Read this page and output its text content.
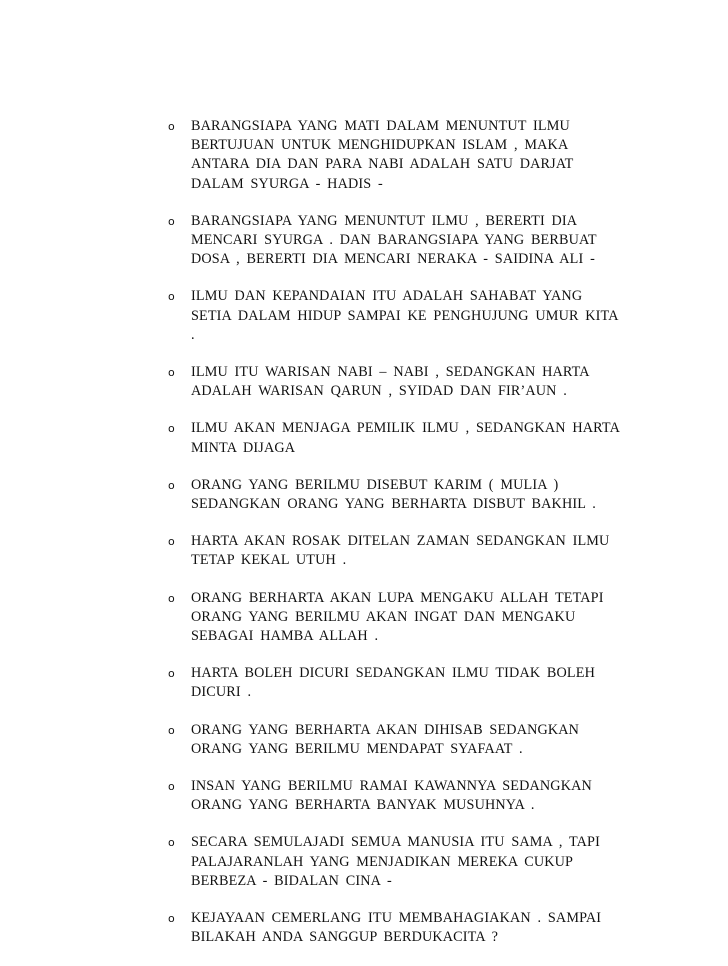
o BARANGSIAPA YANG MATI DALAM MENUNTUT ILMU
BERTUJUAN UNTUK MENGHIDUPKAN ISLAM , MAKA
ANTARA DIA DAN PARA NABI ADALAH SATU DARJAT
DALAM SYURGA - HADIS -
o BARANGSIAPA YANG MENUNTUT ILMU , BERERTI DIA
MENCARI SYURGA . DAN BARANGSIAPA YANG BERBUAT
DOSA , BERERTI DIA MENCARI NERAKA - SAIDINA ALI -
o ILMU DAN KEPANDAIAN ITU ADALAH SAHABAT YANG
SETIA DALAM HIDUP SAMPAI KE PENGHUJUNG UMUR KITA
.
o ILMU ITU WARISAN NABI – NABI , SEDANGKAN HARTA
ADALAH WARISAN QARUN , SYIDAD DAN FIR’AUN .
o ILMU AKAN MENJAGA PEMILIK ILMU , SEDANGKAN HARTA
MINTA DIJAGA
o ORANG YANG BERILMU DISEBUT KARIM ( MULIA )
SEDANGKAN ORANG YANG BERHARTA DISBUT BAKHIL .
o HARTA AKAN ROSAK DITELAN ZAMAN SEDANGKAN ILMU
TETAP KEKAL UTUH .
o ORANG BERHARTA AKAN LUPA MENGAKU ALLAH TETAPI
ORANG YANG BERILMU AKAN INGAT DAN MENGAKU
SEBAGAI HAMBA ALLAH .
o HARTA BOLEH DICURI SEDANGKAN ILMU TIDAK BOLEH
DICURI .
o ORANG YANG BERHARTA AKAN DIHISAB SEDANGKAN
ORANG YANG BERILMU MENDAPAT SYAFAAT .
o INSAN YANG BERILMU RAMAI KAWANNYA SEDANGKAN
ORANG YANG BERHARTA BANYAK MUSUHNYA .
o SECARA SEMULAJADI SEMUA MANUSIA ITU SAMA , TAPI
PALAJARANLAH YANG MENJADIKAN MEREKA CUKUP
BERBEZA - BIDALAN CINA -
o KEJAYAAN CEMERLANG ITU MEMBAHAGIAKAN . SAMPAI
BILAKAH ANDA SANGGUP BERDUKACITA ?
